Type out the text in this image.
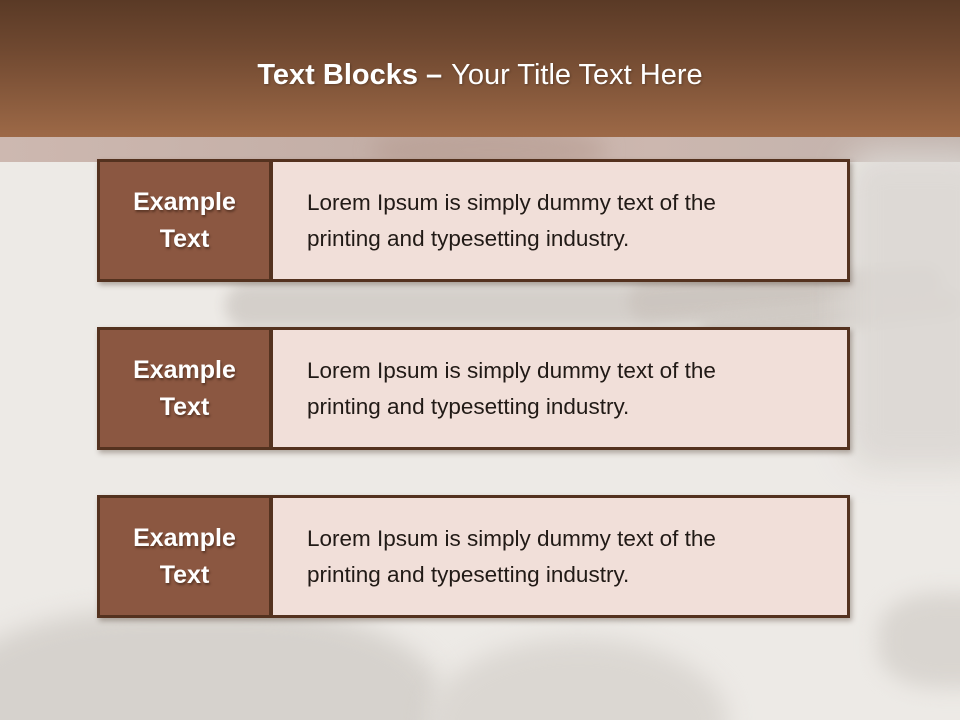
Text Blocks – Your Title Text Here
Example
Text
Lorem Ipsum is simply dummy text of the
printing and typesetting industry.
Example
Text
Lorem Ipsum is simply dummy text of the
printing and typesetting industry.
Example
Text
Lorem Ipsum is simply dummy text of the
printing and typesetting industry.
